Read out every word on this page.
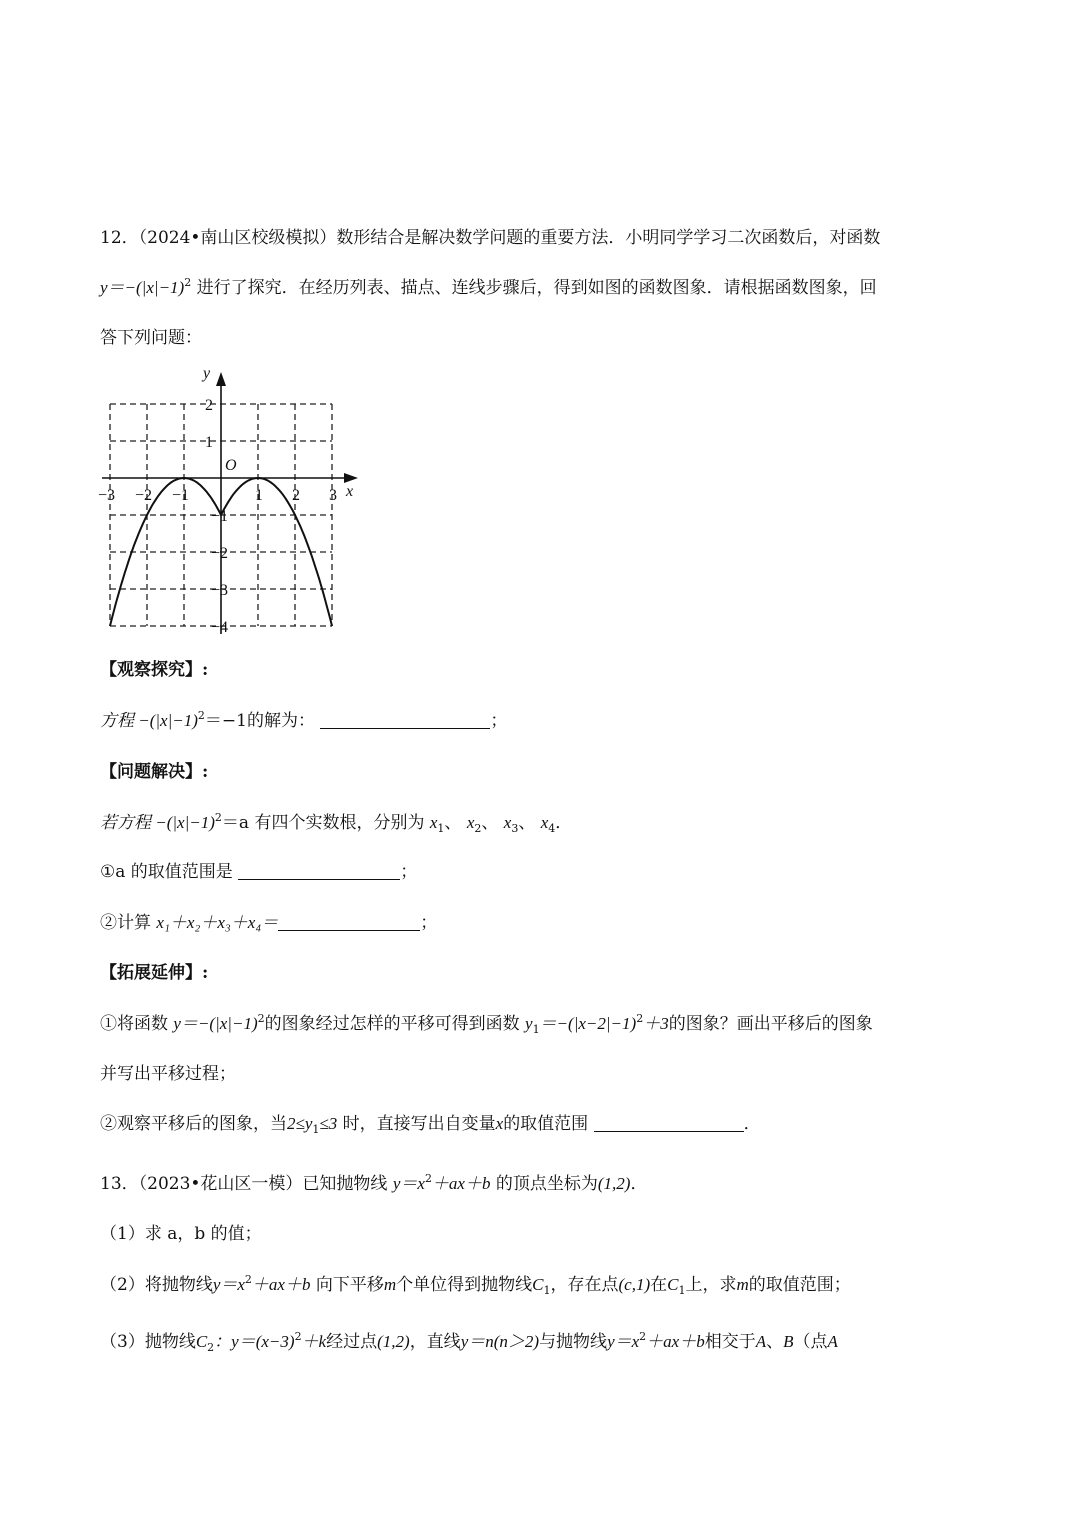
12．（2024•南山区校级模拟）数形结合是解决数学问题的重要方法．小明同学学习二次函数后，对函数
$y=-(|x|-1)^2$ 进行了探究．在经历列表、描点、连线步骤后，得到如图的函数图象．请根据函数图象，回
答下列问题：
−3 −2 −1	1 2 3
2
1
−1
−2
−3
−4
O
x
y
【观察探究】:
方程 $-(|x|-1)^2=-1$的解为：	；
【问题解决】:
若方程 $-(|x|-1)^2=a$ 有四个实数根，分别为 $x_1$、 $x_2$、 $x_3$、 $x_4$．
①a 的取值范围是	；
②计算 x₁＋x₂＋x₃＋x₄＝	；
【拓展延伸】:
①将函数 $y=-(|x|-1)^2$的图象经过怎样的平移可得到函数 $y_1=-(|x-2|-1)^2+3$的图象？画出平移后的图象
并写出平移过程；
②观察平移后的图象，当$2\le y_1\le 3$ 时，直接写出自变量x的取值范围	．
13．（2023•花山区一模）已知抛物线 $y=x^2+ax+b$ 的顶点坐标为(1,2)．
（1）求 a，b 的值；
（2）将抛物线$y=x^2+ax+b$ 向下平移m个单位得到抛物线$C_1$，存在点(c,1)在$C_1$上，求m的取值范围；
（3）抛物线$C_2$：$y=(x-3)^2+k$经过点(1,2)，直线y＝n(n＞2)与抛物线$y=x^2+ax+b$相交于A、B（点A
